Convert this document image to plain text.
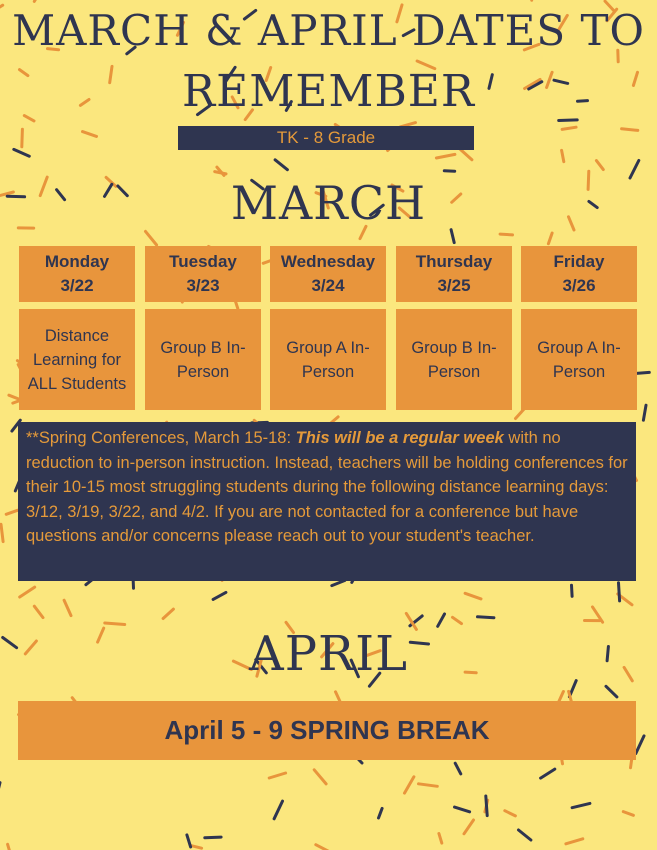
MARCH & APRIL DATES TO
REMEMBER
TK - 8 Grade
MARCH
Monday
3/22
Tuesday
3/23
Wednesday
3/24
Thursday
3/25
Friday
3/26
Distance Learning for ALL Students
Group B In-Person
Group A In-Person
Group B In-Person
Group A In-Person
**Spring Conferences, March 15-18: This will be a regular week with no reduction to in-person instruction. Instead, teachers will be holding conferences for their 10-15 most struggling students during the following distance learning days: 3/12, 3/19, 3/22, and 4/2. If you are not contacted for a conference but have questions and/or concerns please reach out to your student's teacher.
APRIL
April 5 - 9 SPRING BREAK
